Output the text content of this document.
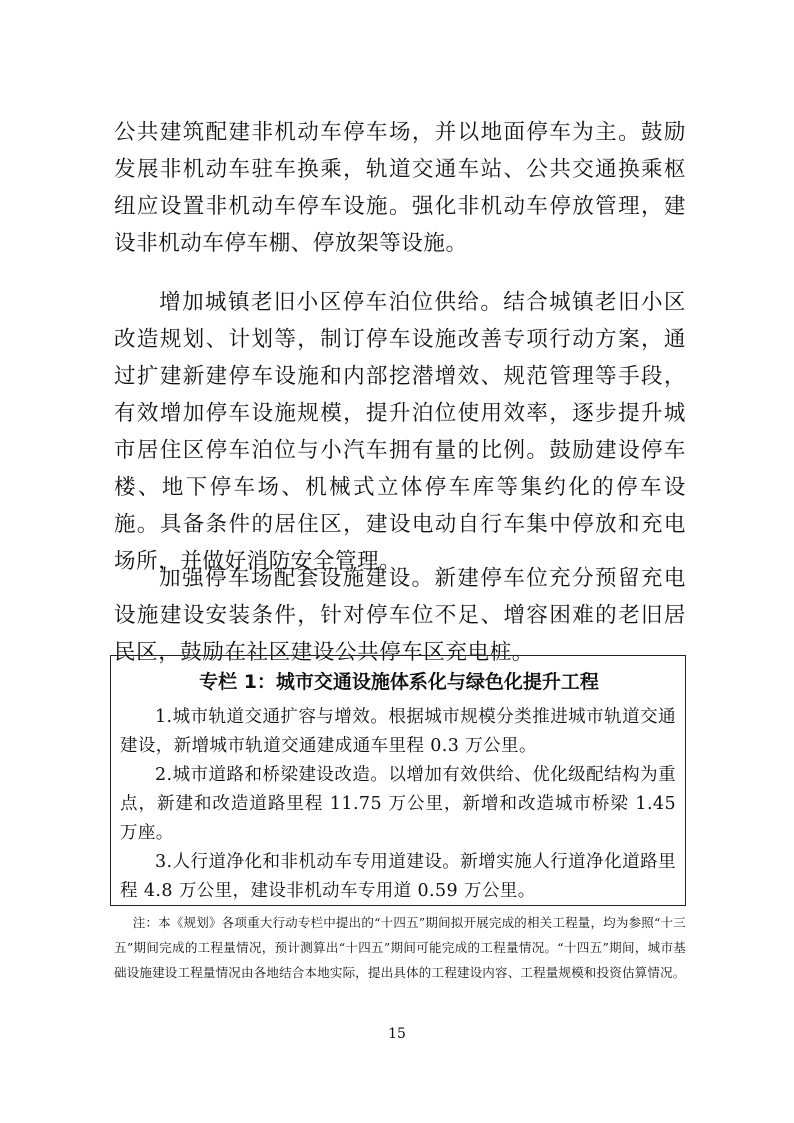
公共建筑配建非机动车停车场，并以地面停车为主。鼓励发展非机动车驻车换乘，轨道交通车站、公共交通换乘枢纽应设置非机动车停车设施。强化非机动车停放管理，建设非机动车停车棚、停放架等设施。

增加城镇老旧小区停车泊位供给。结合城镇老旧小区改造规划、计划等，制订停车设施改善专项行动方案，通过扩建新建停车设施和内部挖潜增效、规范管理等手段，有效增加停车设施规模，提升泊位使用效率，逐步提升城市居住区停车泊位与小汽车拥有量的比例。鼓励建设停车楼、地下停车场、机械式立体停车库等集约化的停车设施。具备条件的居住区，建设电动自行车集中停放和充电场所，并做好消防安全管理。

加强停车场配套设施建设。新建停车位充分预留充电设施建设安装条件，针对停车位不足、增容困难的老旧居民区，鼓励在社区建设公共停车区充电桩。

专栏 1：城市交通设施体系化与绿色化提升工程

1.城市轨道交通扩容与增效。根据城市规模分类推进城市轨道交通建设，新增城市轨道交通建成通车里程 0.3 万公里。

2.城市道路和桥梁建设改造。以增加有效供给、优化级配结构为重点，新建和改造道路里程 11.75 万公里，新增和改造城市桥梁 1.45 万座。

3.人行道净化和非机动车专用道建设。新增实施人行道净化道路里程 4.8 万公里，建设非机动车专用道 0.59 万公里。

注：本《规划》各项重大行动专栏中提出的“十四五”期间拟开展完成的相关工程量，均为参照“十三五”期间完成的工程量情况，预计测算出“十四五”期间可能完成的工程量情况。“十四五”期间，城市基础设施建设工程量情况由各地结合本地实际，提出具体的工程建设内容、工程量规模和投资估算情况。

15
